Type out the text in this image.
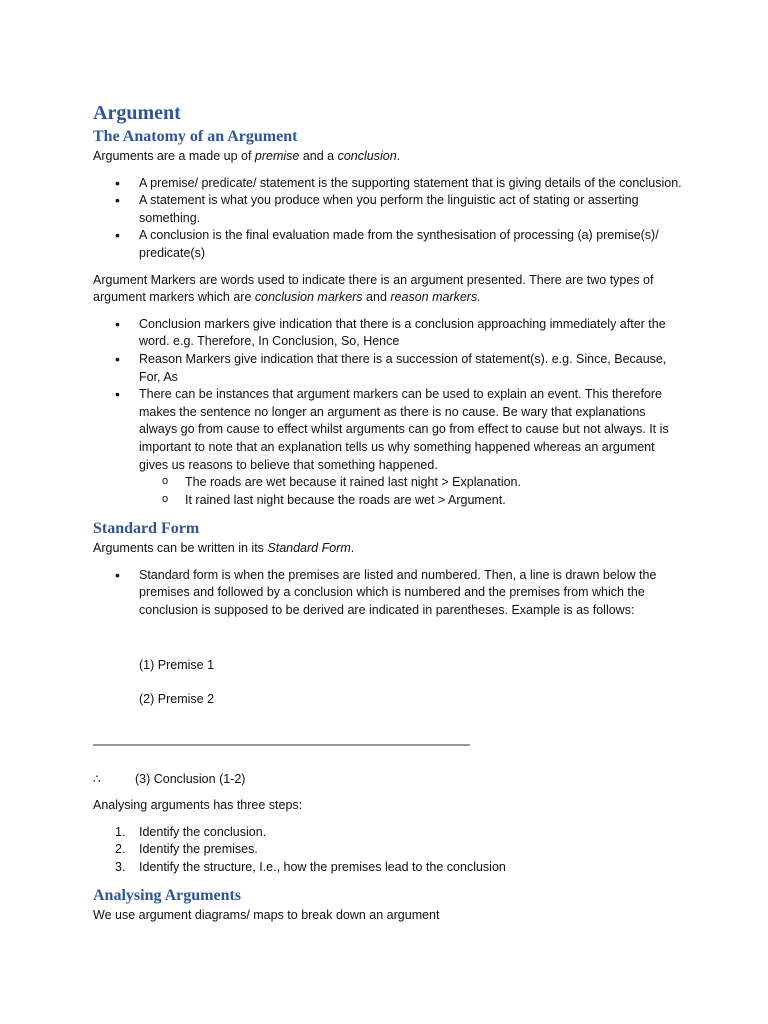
Argument
The Anatomy of an Argument

Arguments are a made up of premise and a conclusion.

• A premise/ predicate/ statement is the supporting statement that is giving details of the conclusion.
• A statement is what you produce when you perform the linguistic act of stating or asserting something.
• A conclusion is the final evaluation made from the synthesisation of processing (a) premise(s)/ predicate(s)

Argument Markers are words used to indicate there is an argument presented. There are two types of argument markers which are conclusion markers and reason markers.

• Conclusion markers give indication that there is a conclusion approaching immediately after the word. e.g. Therefore, In Conclusion, So, Hence
• Reason Markers give indication that there is a succession of statement(s). e.g. Since, Because, For, As
• There can be instances that argument markers can be used to explain an event. This therefore makes the sentence no longer an argument as there is no cause. Be wary that explanations always go from cause to effect whilst arguments can go from effect to cause but not always. It is important to note that an explanation tells us why something happened whereas an argument gives us reasons to believe that something happened.
o The roads are wet because it rained last night > Explanation.
o It rained last night because the roads are wet > Argument.
Standard Form

Arguments can be written in its Standard Form.

• Standard form is when the premises are listed and numbered. Then, a line is drawn below the premises and followed by a conclusion which is numbered and the premises from which the conclusion is supposed to be derived are indicated in parentheses. Example is as follows:

(1) Premise 1

(2) Premise 2

∴	(3) Conclusion (1-2)

Analysing arguments has three steps:

1. Identify the conclusion.
2. Identify the premises.
3. Identify the structure, I.e., how the premises lead to the conclusion
Analysing Arguments

We use argument diagrams/ maps to break down an argument
